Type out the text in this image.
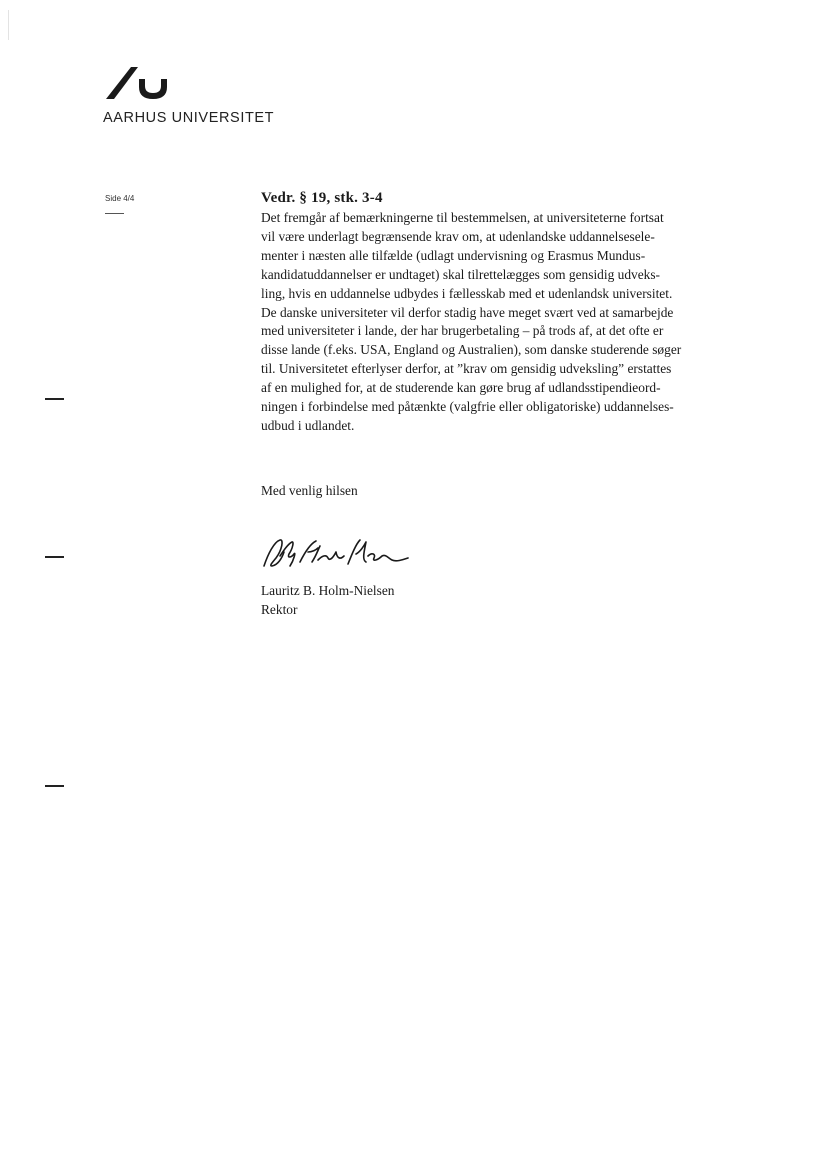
AARHUS UNIVERSITET
Side 4/4	Vedr. § 19, stk. 3-4
Det fremgår af bemærkningerne til bestemmelsen, at universiteterne fortsat
vil være underlagt begrænsende krav om, at udenlandske uddannelsesele-
menter i næsten alle tilfælde (udlagt undervisning og Erasmus Mundus-
kandidatuddannelser er undtaget) skal tilrettelægges som gensidig udveks-
ling, hvis en uddannelse udbydes i fællesskab med et udenlandsk universitet.
De danske universiteter vil derfor stadig have meget svært ved at samarbejde
med universiteter i lande, der har brugerbetaling – på trods af, at det ofte er
disse lande (f.eks. USA, England og Australien), som danske studerende søger
til. Universitetet efterlyser derfor, at ”krav om gensidig udveksling” erstattes
af en mulighed for, at de studerende kan gøre brug af udlandsstipendieord-
ningen i forbindelse med påtænkte (valgfrie eller obligatoriske) uddannelses-
udbud i udlandet.
Med venlig hilsen
Lauritz B. Holm-Nielsen
Rektor
